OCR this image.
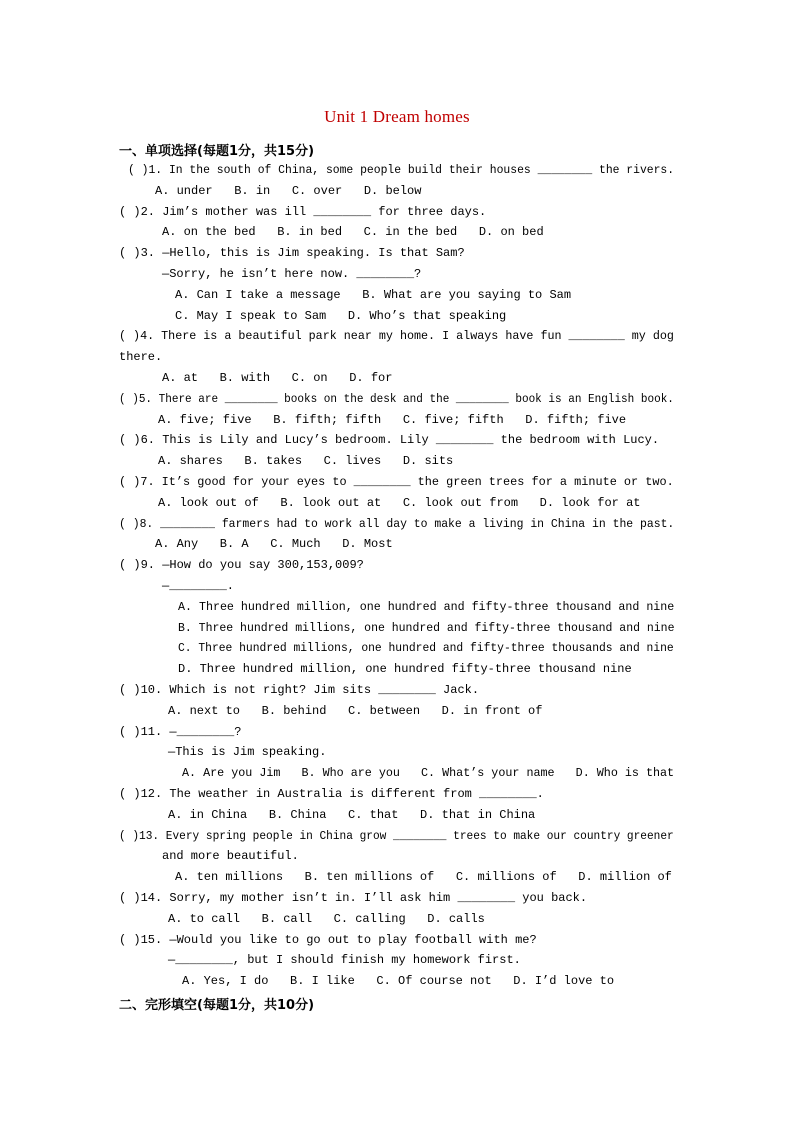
Unit 1 Dream homes
一、单项选择(每题1分，共15分)
( )1. In the south of China, some people build their houses ________ the rivers.
A. under   B. in   C. over   D. below
( )2. Jim’s mother was ill ________ for three days.
A. on the bed   B. in bed   C. in the bed   D. on bed
( )3. —Hello, this is Jim speaking. Is that Sam?
—Sorry, he isn’t here now. ________?
A. Can I take a message   B. What are you saying to Sam
C. May I speak to Sam   D. Who’s that speaking
( )4. There is a beautiful park near my home. I always have fun ________ my dog
there.
A. at   B. with   C. on   D. for
( )5. There are ________ books on the desk and the ________ book is an English book.
A. five; five   B. fifth; fifth   C. five; fifth   D. fifth; five
( )6. This is Lily and Lucy’s bedroom. Lily ________ the bedroom with Lucy.
A. shares   B. takes   C. lives   D. sits
( )7. It’s good for your eyes to ________ the green trees for a minute or two.
A. look out of   B. look out at   C. look out from   D. look for at
( )8. ________ farmers had to work all day to make a living in China in the past.
A. Any   B. A   C. Much   D. Most
( )9. —How do you say 300,153,009?
—________.
A. Three hundred million, one hundred and fifty-three thousand and nine
B. Three hundred millions, one hundred and fifty-three thousand and nine
C. Three hundred millions, one hundred and fifty-three thousands and nine
D. Three hundred million, one hundred fifty-three thousand nine
( )10. Which is not right? Jim sits ________ Jack.
A. next to   B. behind   C. between   D. in front of
( )11. —________?
—This is Jim speaking.
A. Are you Jim   B. Who are you   C. What’s your name   D. Who is that
( )12. The weather in Australia is different from ________.
A. in China   B. China   C. that   D. that in China
( )13. Every spring people in China grow ________ trees to make our country greener
and more beautiful.
A. ten millions   B. ten millions of   C. millions of   D. million of
( )14. Sorry, my mother isn’t in. I’ll ask him ________ you back.
A. to call   B. call   C. calling   D. calls
( )15. —Would you like to go out to play football with me?
—________, but I should finish my homework first.
A. Yes, I do   B. I like   C. Of course not   D. I’d love to
二、完形填空(每题1分，共10分)
